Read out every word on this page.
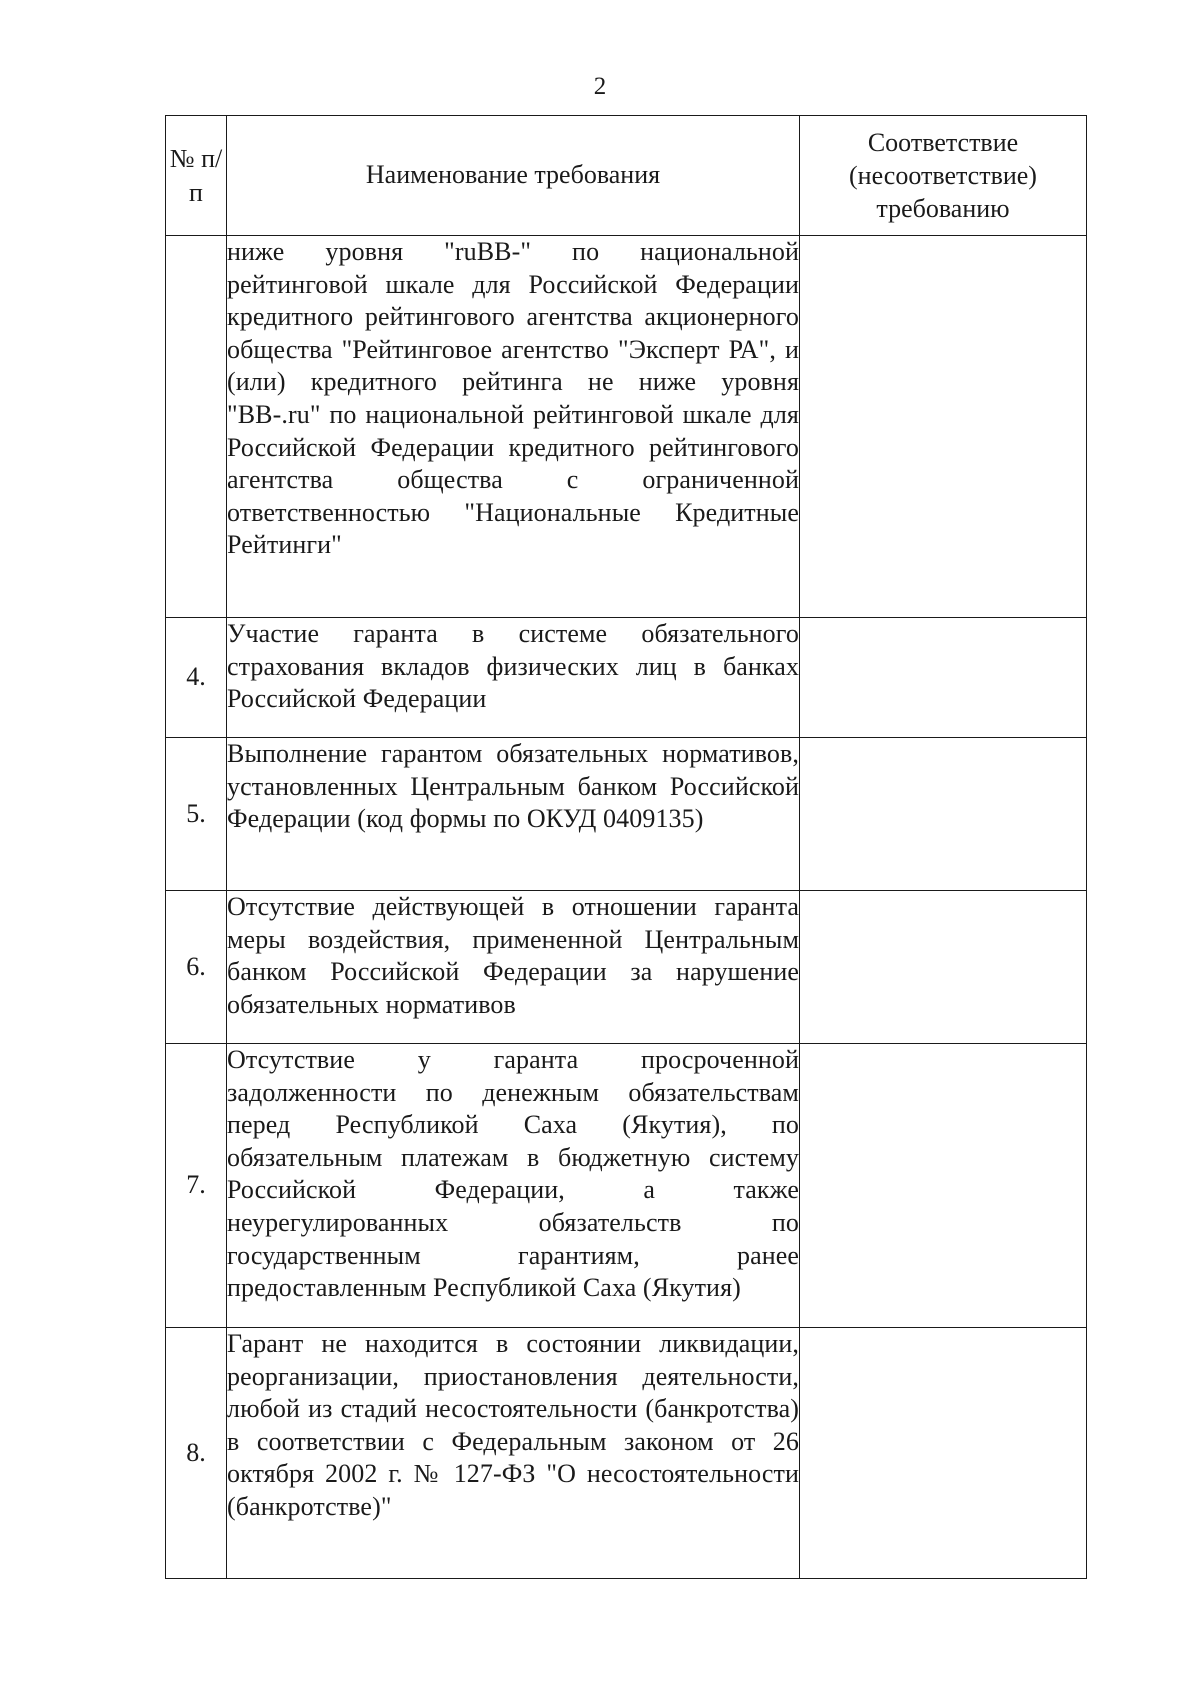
2
№ п/п	Наименование требования	Соответствие (несоответствие) требованию
	ниже уровня "ruBB-" по национальной рейтинговой шкале для Российской Федерации кредитного рейтингового агентства акционерного общества "Рейтинговое агентство "Эксперт РА", и (или) кредитного рейтинга не ниже уровня "BB-.ru" по национальной рейтинговой шкале для Российской Федерации кредитного рейтингового агентства общества с ограниченной ответственностью "Национальные Кредитные Рейтинги"	
4.	Участие гаранта в системе обязательного страхования вкладов физических лиц в банках Российской Федерации	
5.	Выполнение гарантом обязательных нормативов, установленных Центральным банком Российской Федерации (код формы по ОКУД 0409135)	
6.	Отсутствие действующей в отношении гаранта меры воздействия, примененной Центральным банком Российской Федерации за нарушение обязательных нормативов	
7.	Отсутствие у гаранта просроченной задолженности по денежным обязательствам перед Республикой Саха (Якутия), по обязательным платежам в бюджетную систему Российской Федерации, а также неурегулированных обязательств по государственным гарантиям, ранее предоставленным Республикой Саха (Якутия)	
8.	Гарант не находится в состоянии ликвидации, реорганизации, приостановления деятельности, любой из стадий несостоятельности (банкротства) в соответствии с Федеральным законом от 26 октября 2002 г. № 127-ФЗ "О несостоятельности (банкротстве)"	
